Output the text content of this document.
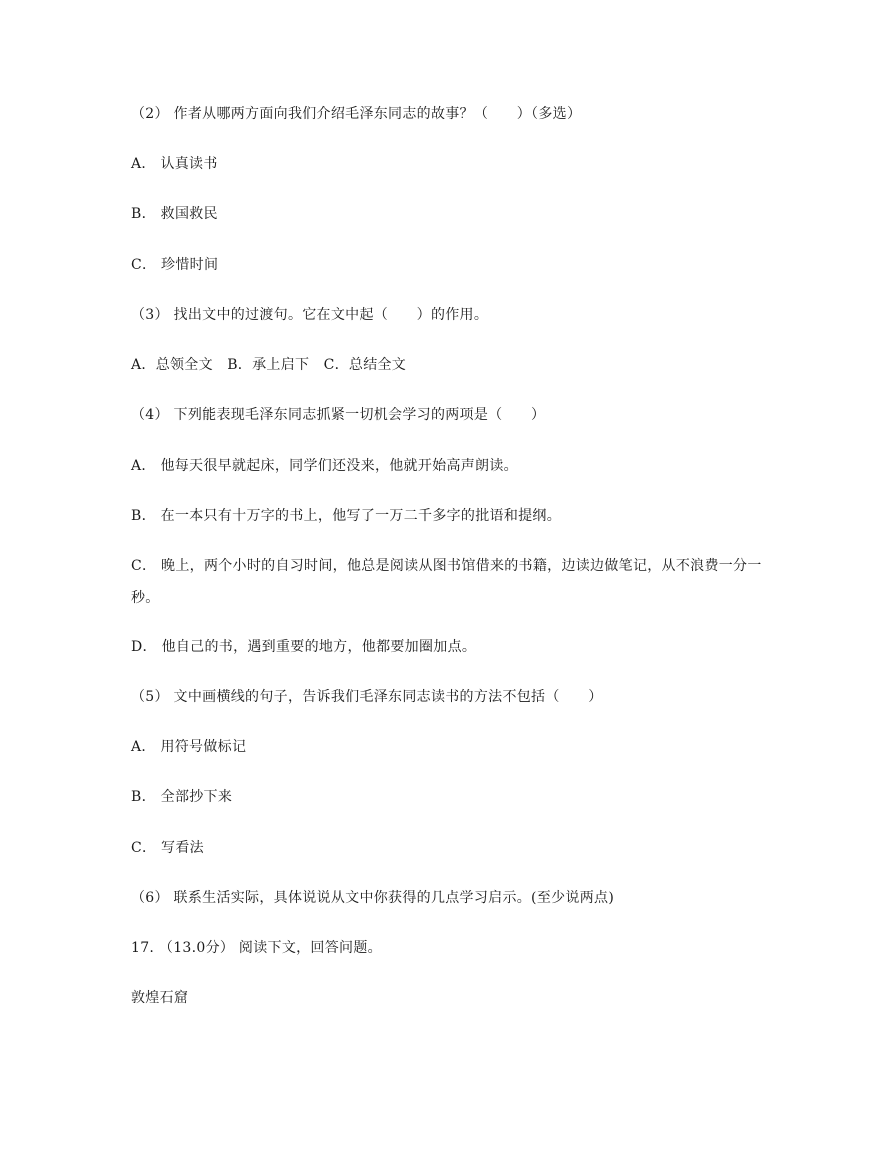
（2） 作者从哪两方面向我们介绍毛泽东同志的故事？（　　）（多选）
A． 认真读书
B． 救国救民
C． 珍惜时间
（3） 找出文中的过渡句。它在文中起（　　）的作用。
A．总领全文　B．承上启下　C．总结全文
（4） 下列能表现毛泽东同志抓紧一切机会学习的两项是（　　）
A． 他每天很早就起床，同学们还没来，他就开始高声朗读。
B． 在一本只有十万字的书上，他写了一万二千多字的批语和提纲。
C． 晚上，两个小时的自习时间，他总是阅读从图书馆借来的书籍，边读边做笔记，从不浪费一分一秒。
D． 他自己的书，遇到重要的地方，他都要加圈加点。
（5） 文中画横线的句子，告诉我们毛泽东同志读书的方法不包括（　　）
A． 用符号做标记
B． 全部抄下来
C． 写看法
（6） 联系生活实际，具体说说从文中你获得的几点学习启示。(至少说两点)
17. （13.0分） 阅读下文，回答问题。
敦煌石窟
